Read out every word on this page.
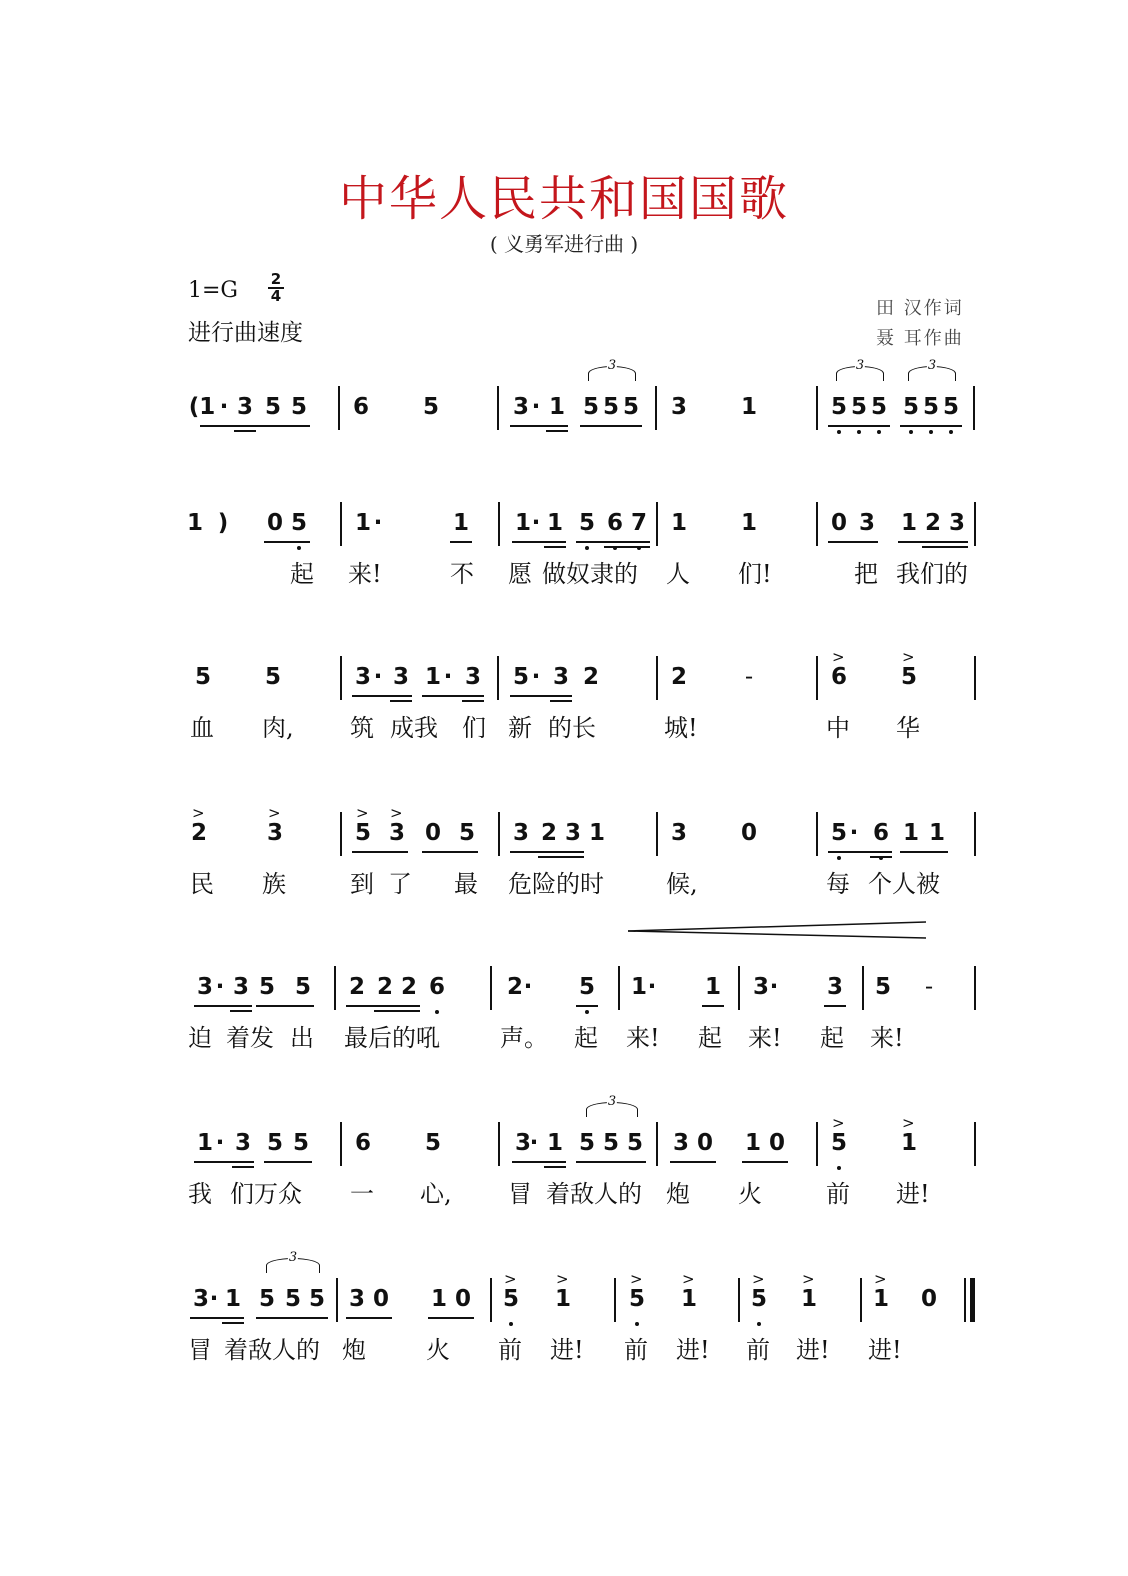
中华人民共和国国歌
( 义勇军进行曲 )
1=G	2
4
进行曲速度
田 汉作词
聂 耳作曲
(1 · 3 5 5 6 5	3 · 1 5 5 5
3
3 1	5 5 5
3
5 5 5
3
1 ) 0 5 1 ·	1 1 · 1 5 6 7 1 1	0 3 1 2 3
起 来!	不 愿 做奴隶的 人 们!	把 我们的
5 5	3 · 3 1 · 3 5 · 3 2	2	-	> 6 > 5
血 肉, 筑 成我 们 新 的长	城!	中 华
> 2	> 3	> 5 > 3 0 5 3 2 3 1	3 0	5 · 6 1 1
民 族	到 了 最 危险的时	候,	每 个人被
3 · 3 5 5 2 2 2 6	2 · 5 1 · 1 3 · 3 5 -
迫 着发 出 最后的吼	声。 起 来! 起 来! 起 来!
1 · 3 5 5 6 5	3
· 1 5 5 5
3
3 0 1 0 > 5 > 1
我 们万众 一 心, 冒 着敌人的 炮 火	前 进!
3 · 1 5 5 5
3
3 0 1 0 > 5 > 1	> 5 > 1 > 5 > 1 > 1 0
冒 着敌人的 炮	火 前 进! 前 进! 前 进! 进!
